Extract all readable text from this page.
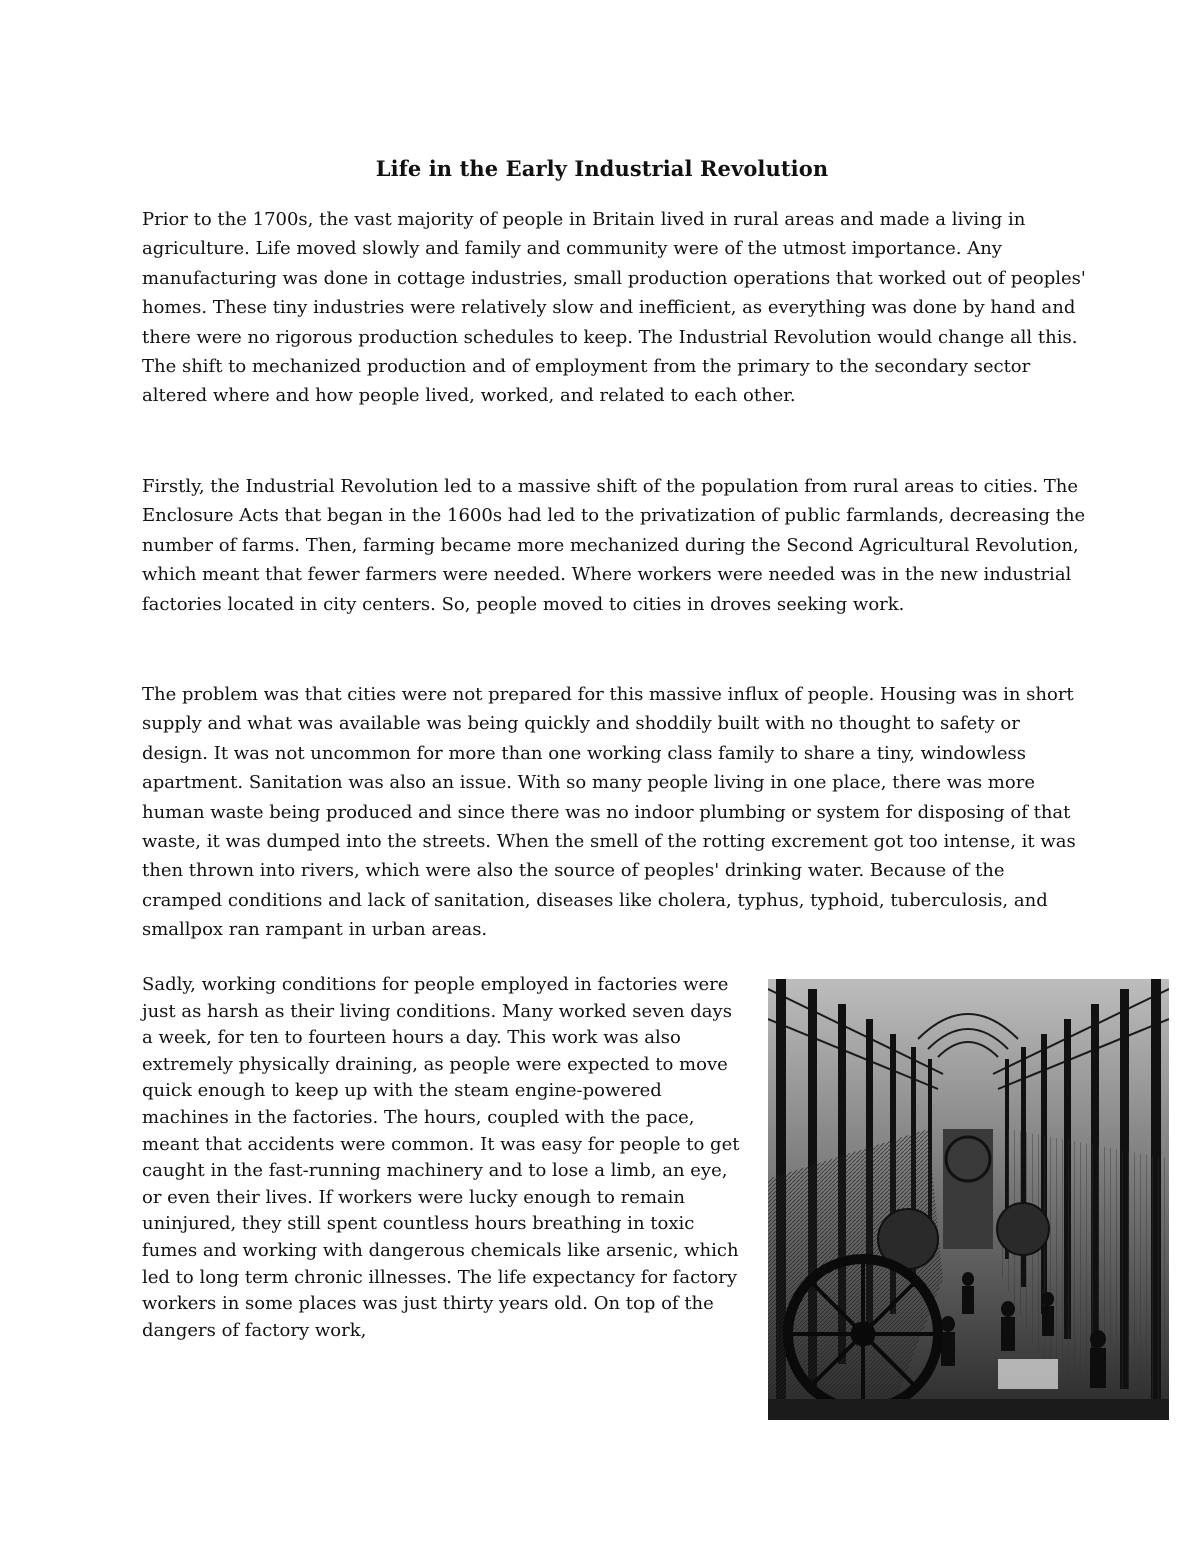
Life in the Early Industrial Revolution

Prior to the 1700s, the vast majority of people in Britain lived in rural areas and made a living in agriculture. Life moved slowly and family and community were of the utmost importance. Any manufacturing was done in cottage industries, small production operations that worked out of peoples' homes. These tiny industries were relatively slow and inefficient, as everything was done by hand and there were no rigorous production schedules to keep. The Industrial Revolution would change all this. The shift to mechanized production and of employment from the primary to the secondary sector altered where and how people lived, worked, and related to each other.

Firstly, the Industrial Revolution led to a massive shift of the population from rural areas to cities. The Enclosure Acts that began in the 1600s had led to the privatization of public farmlands, decreasing the number of farms. Then, farming became more mechanized during the Second Agricultural Revolution, which meant that fewer farmers were needed. Where workers were needed was in the new industrial factories located in city centers. So, people moved to cities in droves seeking work.

The problem was that cities were not prepared for this massive influx of people. Housing was in short supply and what was available was being quickly and shoddily built with no thought to safety or design. It was not uncommon for more than one working class family to share a tiny, windowless apartment. Sanitation was also an issue. With so many people living in one place, there was more human waste being produced and since there was no indoor plumbing or system for disposing of that waste, it was dumped into the streets. When the smell of the rotting excrement got too intense, it was then thrown into rivers, which were also the source of peoples' drinking water. Because of the cramped conditions and lack of sanitation, diseases like cholera, typhus, typhoid, tuberculosis, and smallpox ran rampant in urban areas.

Sadly, working conditions for people employed in factories were just as harsh as their living conditions. Many worked seven days a week, for ten to fourteen hours a day. This work was also extremely physically draining, as people were expected to move quick enough to keep up with the steam engine-powered machines in the factories. The hours, coupled with the pace, meant that accidents were common. It was easy for people to get caught in the fast-running machinery and to lose a limb, an eye, or even their lives. If workers were lucky enough to remain uninjured, they still spent countless hours breathing in toxic fumes and working with dangerous chemicals like arsenic, which led to long term chronic illnesses. The life expectancy for factory workers in some places was just thirty years old. On top of the dangers of factory work,
